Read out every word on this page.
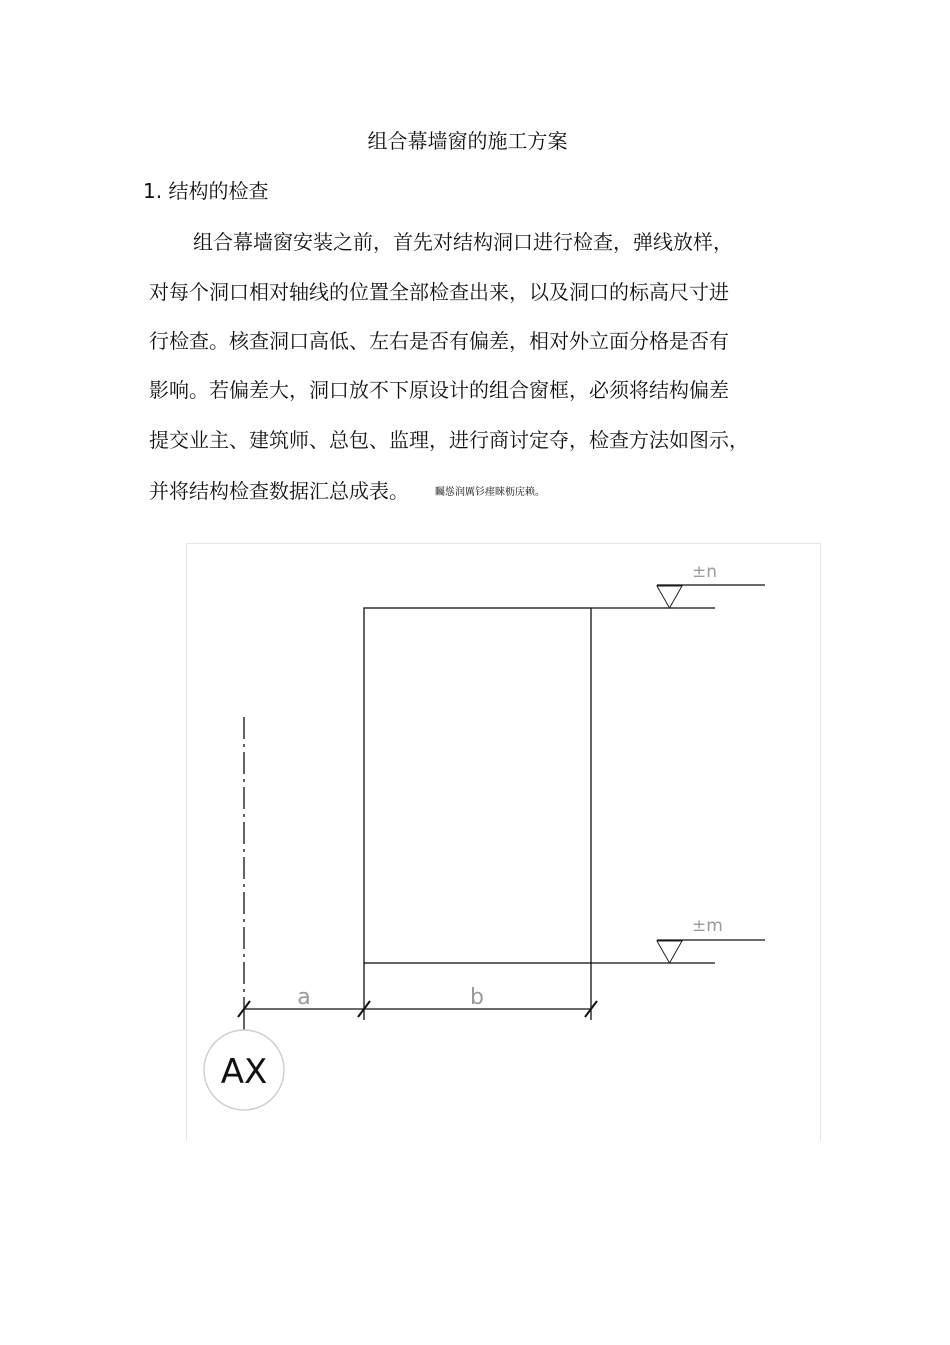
组合幕墙窗的施工方案
1. 结构的检查
组合幕墙窗安装之前，首先对结构洞口进行检查，弹线放样，
对每个洞口相对轴线的位置全部检查出来，以及洞口的标高尺寸进
行检查。核查洞口高低、左右是否有偏差，相对外立面分格是否有
影响。若偏差大，洞口放不下原设计的组合窗框，必须将结构偏差
提交业主、建筑师、总包、监理，进行商讨定夺，检查方法如图示，
并将结构检查数据汇总成表。	矚慫润厲钐瘗睞枥庑赖。
±n
±m
a	b
AX
